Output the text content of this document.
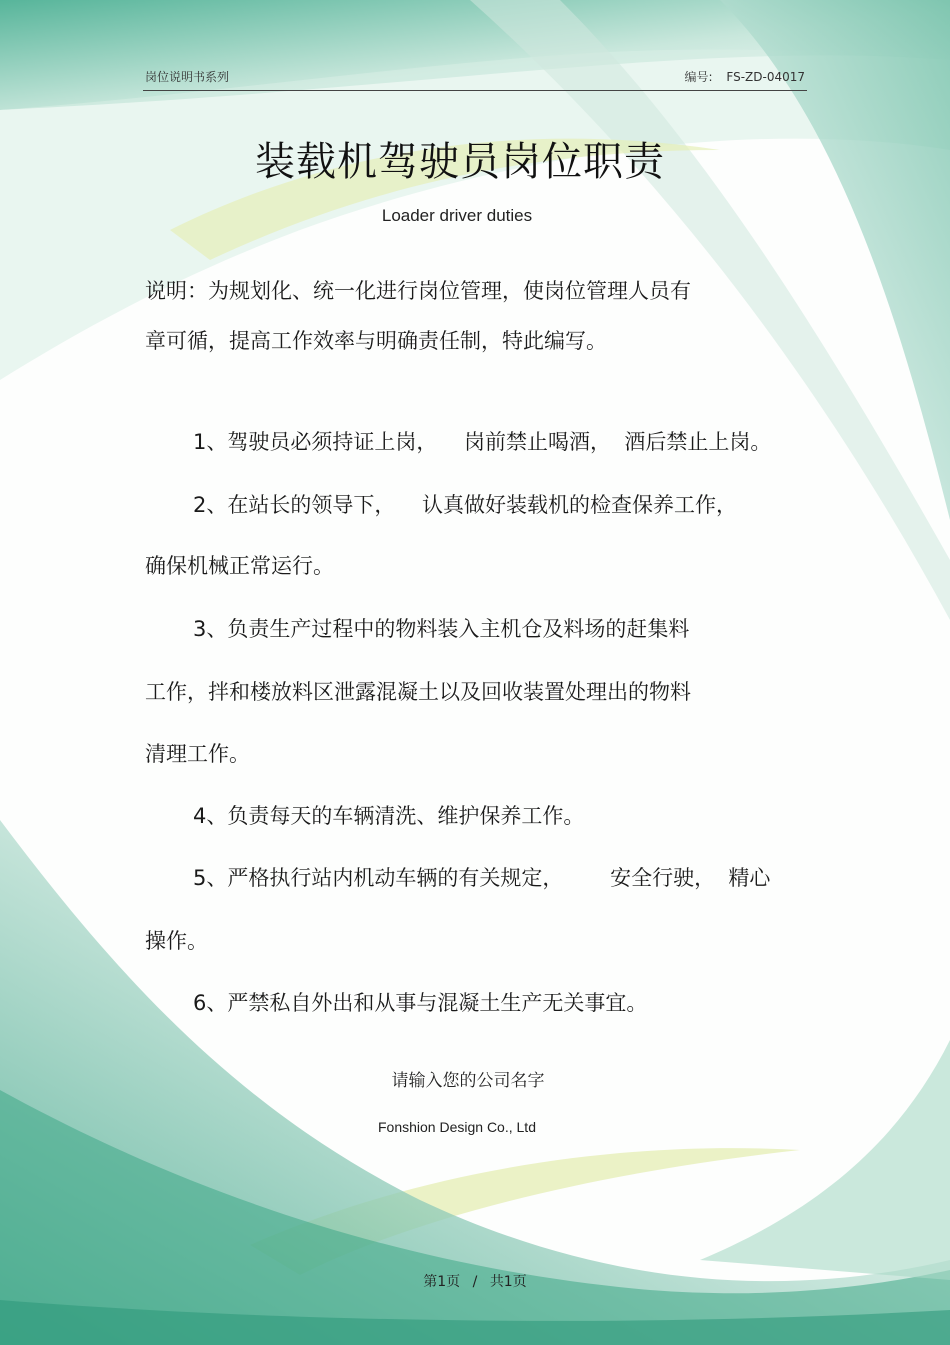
岗位说明书系列	编号: FS-ZD-04017
装载机驾驶员岗位职责
Loader driver duties
说明：为规划化、统一化进行岗位管理，使岗位管理人员有
章可循，提高工作效率与明确责任制，特此编写。
1、驾驶员必须持证上岗，    岗前禁止喝酒，  酒后禁止上岗。
2、在站长的领导下，    认真做好装载机的检查保养工作，
确保机械正常运行。
3、负责生产过程中的物料装入主机仓及料场的赶集料
工作，拌和楼放料区泄露混凝土以及回收装置处理出的物料
清理工作。
4、负责每天的车辆清洗、维护保养工作。
5、严格执行站内机动车辆的有关规定，       安全行驶，  精心
操作。
6、严禁私自外出和从事与混凝土生产无关事宜。
请输入您的公司名字
Fonshion Design Co., Ltd
第1页 / 共1页
